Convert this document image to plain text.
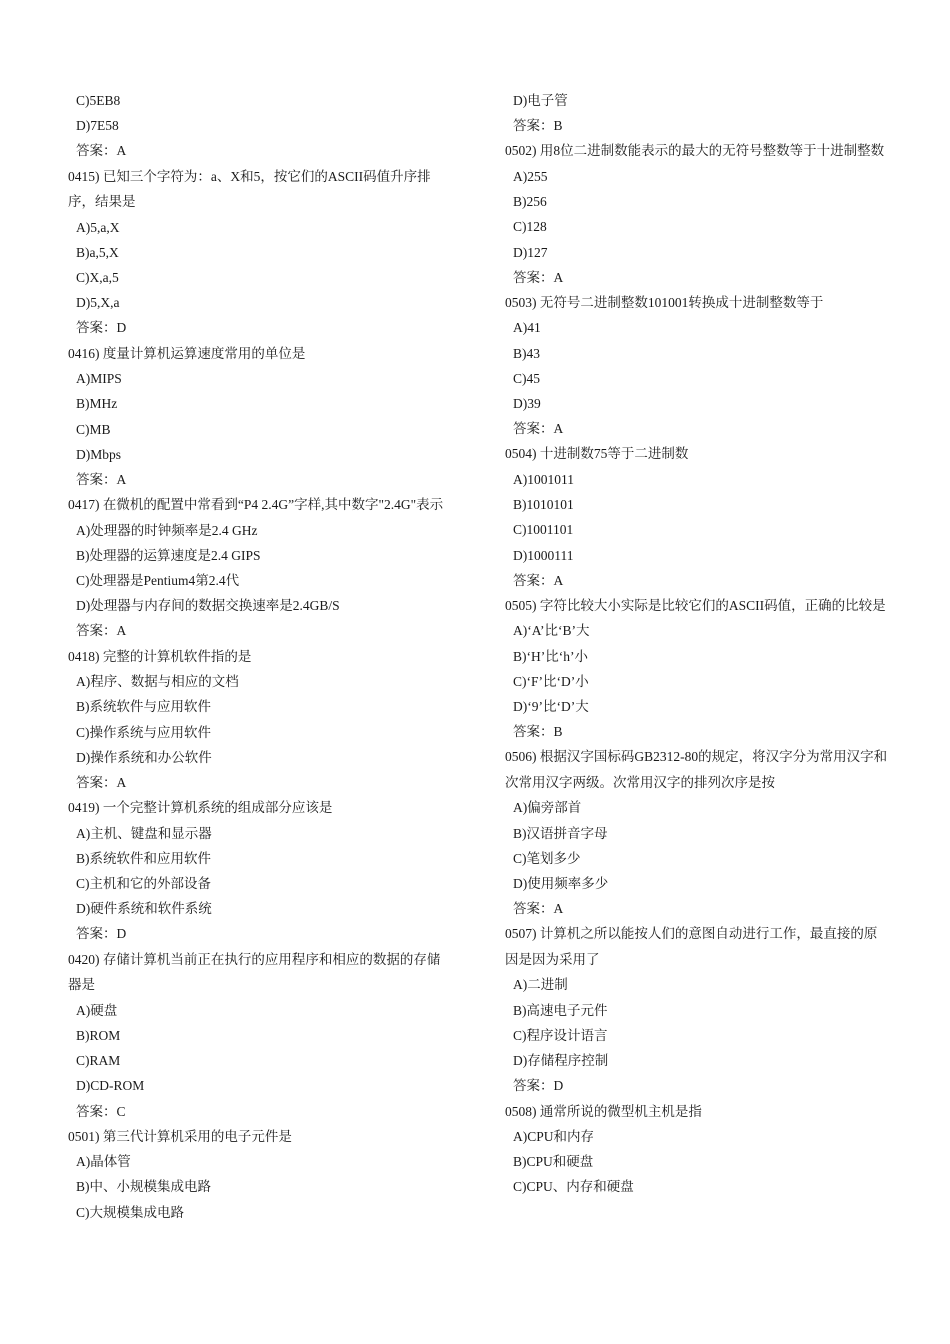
C)5EB8
D)7E58
答案：A

0415) 已知三个字符为：a、X和5，按它们的ASCII码值升序排序，结果是

A)5,a,X
B)a,5,X
C)X,a,5
D)5,X,a
答案：D

0416) 度量计算机运算速度常用的单位是

A)MIPS
B)MHz
C)MB
D)Mbps
答案：A

0417) 在微机的配置中常看到“P4 2.4G”字样,其中数字"2.4G"表示

A)处理器的时钟频率是2.4 GHz
B)处理器的运算速度是2.4 GIPS
C)处理器是Pentium4第2.4代
D)处理器与内存间的数据交换速率是2.4GB/S
答案：A

0418) 完整的计算机软件指的是

A)程序、数据与相应的文档
B)系统软件与应用软件
C)操作系统与应用软件
D)操作系统和办公软件
答案：A

0419) 一个完整计算机系统的组成部分应该是

A)主机、键盘和显示器
B)系统软件和应用软件
C)主机和它的外部设备
D)硬件系统和软件系统
答案：D

0420) 存储计算机当前正在执行的应用程序和相应的数据的存储器是

A)硬盘
B)ROM
C)RAM
D)CD-ROM
答案：C

0501) 第三代计算机采用的电子元件是

A)晶体管
B)中、小规模集成电路
C)大规模集成电路
D)电子管
答案：B

0502) 用8位二进制数能表示的最大的无符号整数等于十进制整数

A)255
B)256
C)128
D)127
答案：A

0503) 无符号二进制整数101001转换成十进制整数等于

A)41
B)43
C)45
D)39
答案：A

0504) 十进制数75等于二进制数

A)1001011
B)1010101
C)1001101
D)1000111
答案：A

0505) 字符比较大小实际是比较它们的ASCII码值，正确的比较是

A)‘A’比‘B’大
B)‘H’比‘h’小
C)‘F’比‘D’小
D)‘9’比‘D’大
答案：B

0506) 根据汉字国标码GB2312-80的规定，将汉字分为常用汉字和次常用汉字两级。次常用汉字的排列次序是按

A)偏旁部首
B)汉语拼音字母
C)笔划多少
D)使用频率多少
答案：A

0507) 计算机之所以能按人们的意图自动进行工作，最直接的原因是因为采用了

A)二进制
B)高速电子元件
C)程序设计语言
D)存储程序控制
答案：D

0508) 通常所说的微型机主机是指

A)CPU和内存
B)CPU和硬盘
C)CPU、内存和硬盘
